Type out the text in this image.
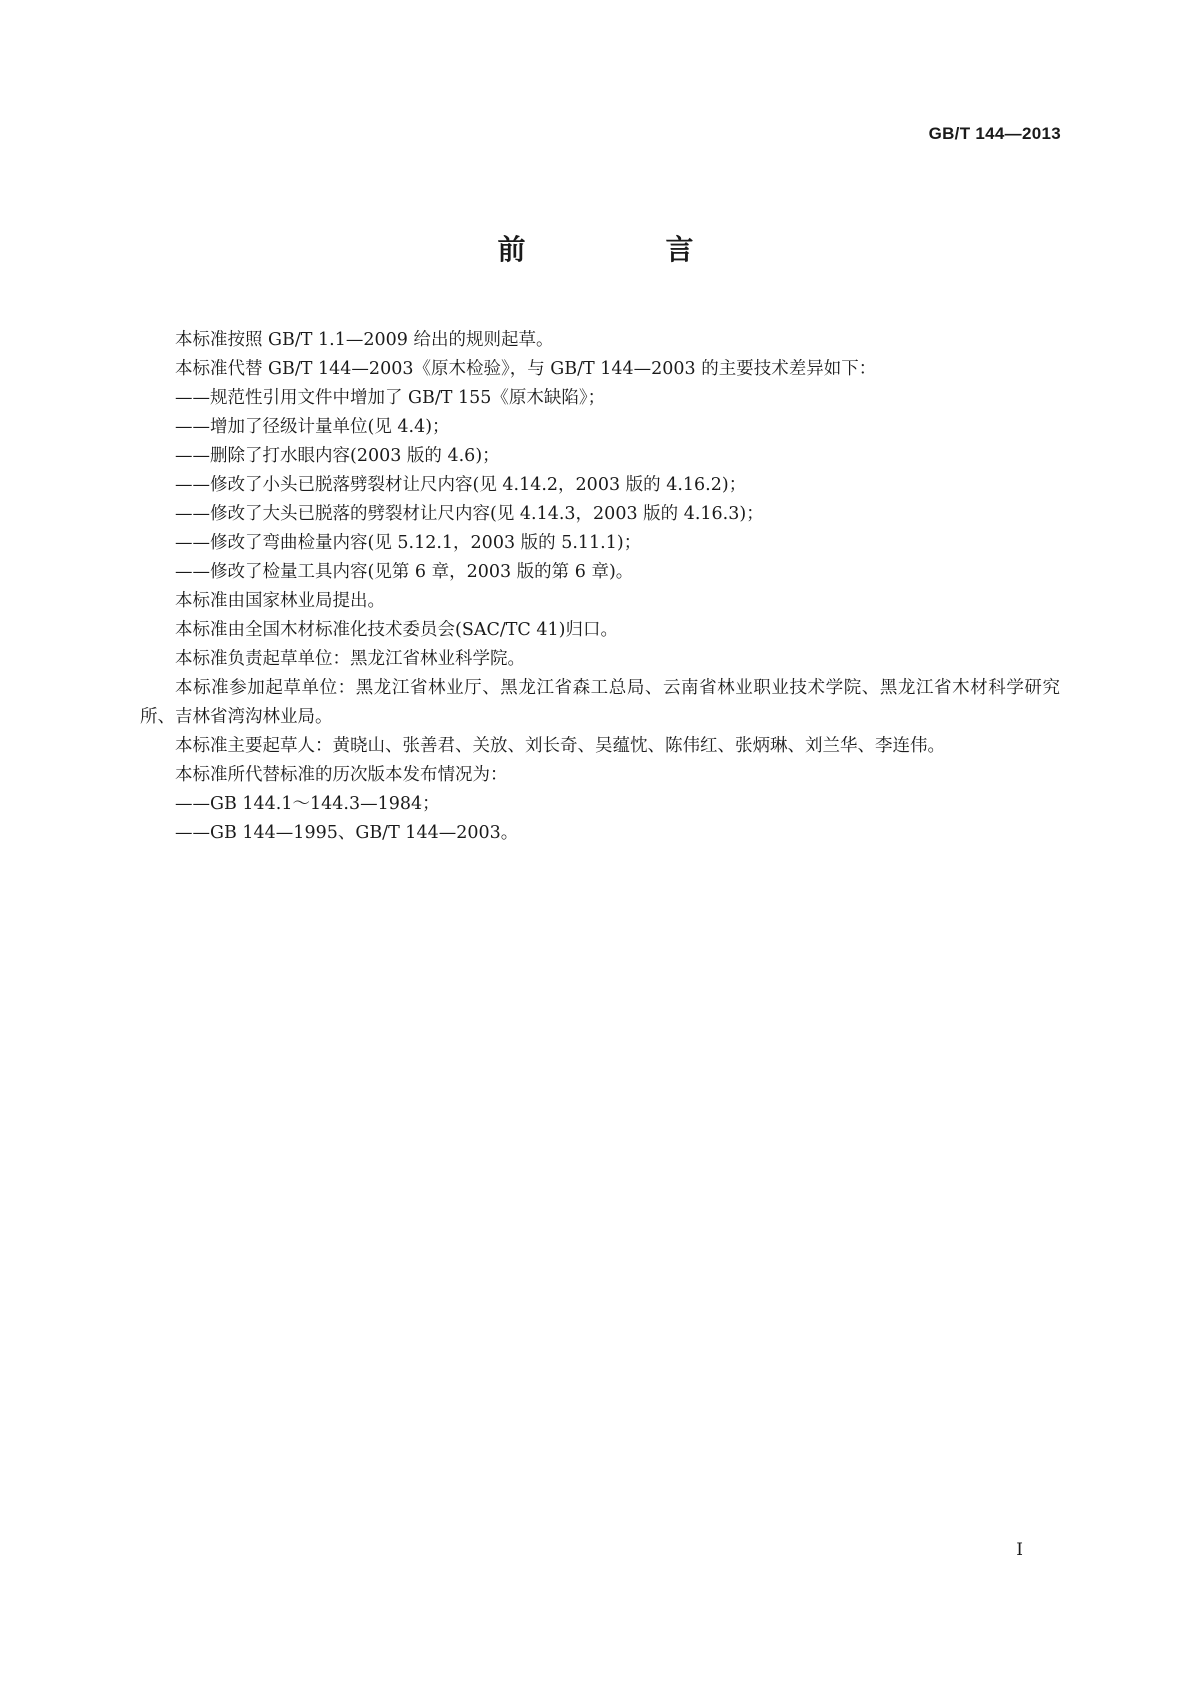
GB/T 144—2013
前　言

本标准按照 GB/T 1.1—2009 给出的规则起草。

本标准代替 GB/T 144—2003《原木检验》，与 GB/T 144—2003 的主要技术差异如下：

——规范性引用文件中增加了 GB/T 155《原木缺陷》；

——增加了径级计量单位(见 4.4)；

——删除了打水眼内容(2003 版的 4.6)；

——修改了小头已脱落劈裂材让尺内容(见 4.14.2，2003 版的 4.16.2)；

——修改了大头已脱落的劈裂材让尺内容(见 4.14.3，2003 版的 4.16.3)；

——修改了弯曲检量内容(见 5.12.1，2003 版的 5.11.1)；

——修改了检量工具内容(见第 6 章，2003 版的第 6 章)。

本标准由国家林业局提出。

本标准由全国木材标准化技术委员会(SAC/TC 41)归口。

本标准负责起草单位：黑龙江省林业科学院。

本标准参加起草单位：黑龙江省林业厅、黑龙江省森工总局、云南省林业职业技术学院、黑龙江省木材科学研究所、吉林省湾沟林业局。

本标准主要起草人：黄晓山、张善君、关放、刘长奇、吴蕴忱、陈伟红、张炳琳、刘兰华、李连伟。

本标准所代替标准的历次版本发布情况为：

——GB 144.1～144.3—1984；

——GB 144—1995、GB/T 144—2003。

I
